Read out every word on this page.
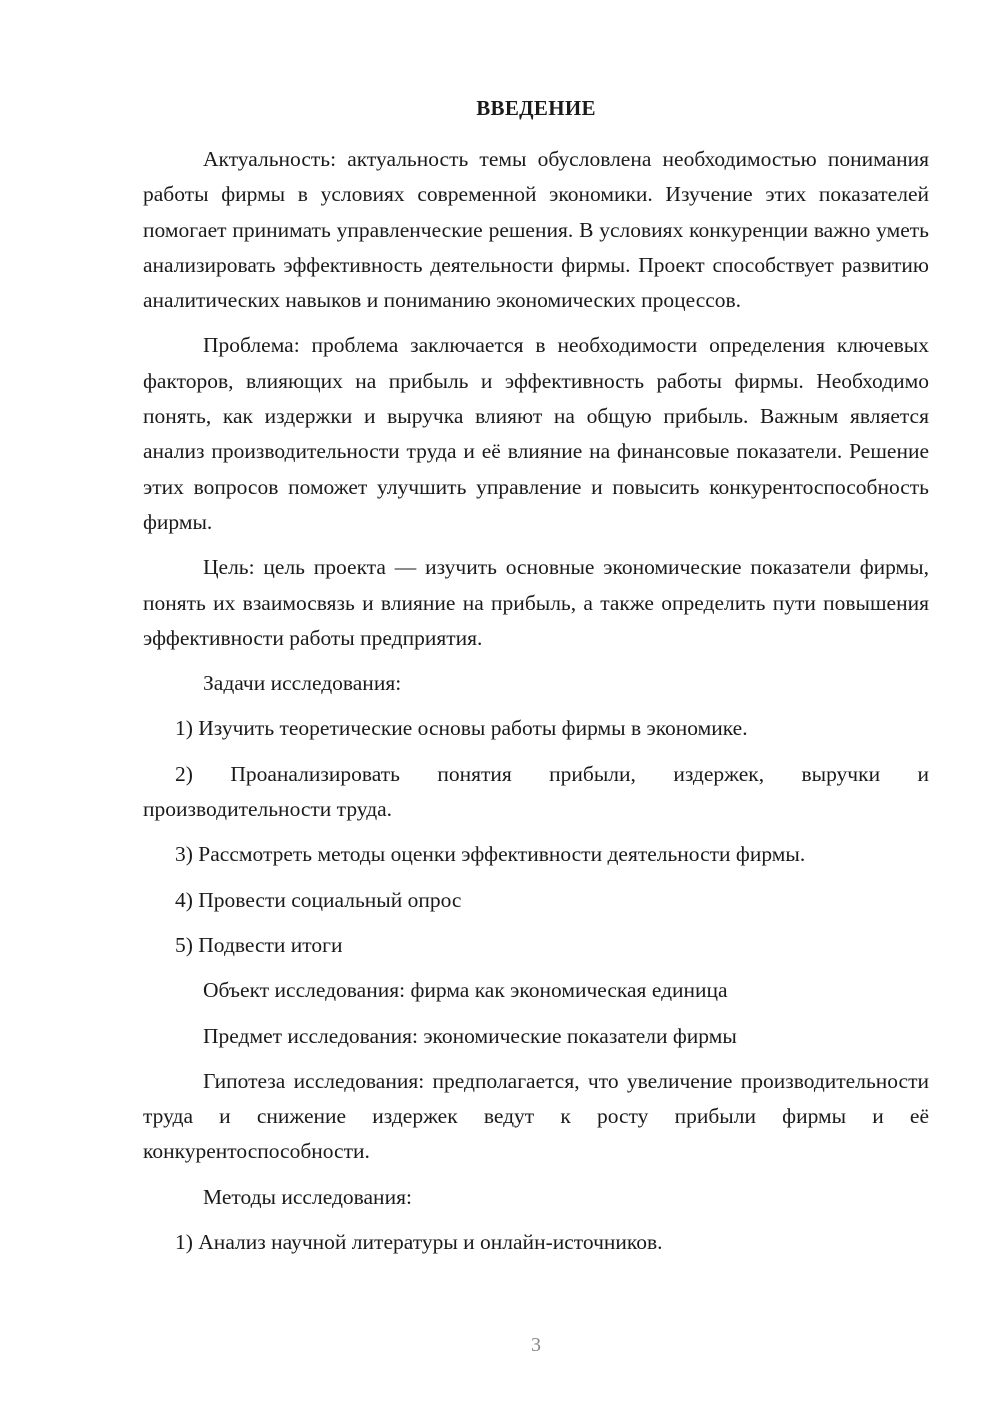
ВВЕДЕНИЕ

Актуальность: актуальность темы обусловлена необходимостью понимания работы фирмы в условиях современной экономики. Изучение этих показателей помогает принимать управленческие решения. В условиях конкуренции важно уметь анализировать эффективность деятельности фирмы. Проект способствует развитию аналитических навыков и пониманию экономических процессов.

Проблема: проблема заключается в необходимости определения ключевых факторов, влияющих на прибыль и эффективность работы фирмы. Необходимо понять, как издержки и выручка влияют на общую прибыль. Важным является анализ производительности труда и её влияние на финансовые показатели. Решение этих вопросов поможет улучшить управление и повысить конкурентоспособность фирмы.

Цель: цель проекта — изучить основные экономические показатели фирмы, понять их взаимосвязь и влияние на прибыль, а также определить пути повышения эффективности работы предприятия.

Задачи исследования:

1) Изучить теоретические основы работы фирмы в экономике.

2) Проанализировать понятия прибыли, издержек, выручки и производительности труда.

3) Рассмотреть методы оценки эффективности деятельности фирмы.

4) Провести социальный опрос

5) Подвести итоги

Объект исследования: фирма как экономическая единица

Предмет исследования: экономические показатели фирмы

Гипотеза исследования: предполагается, что увеличение производительности труда и снижение издержек ведут к росту прибыли фирмы и её конкурентоспособности.

Методы исследования:

1) Анализ научной литературы и онлайн-источников.

3
